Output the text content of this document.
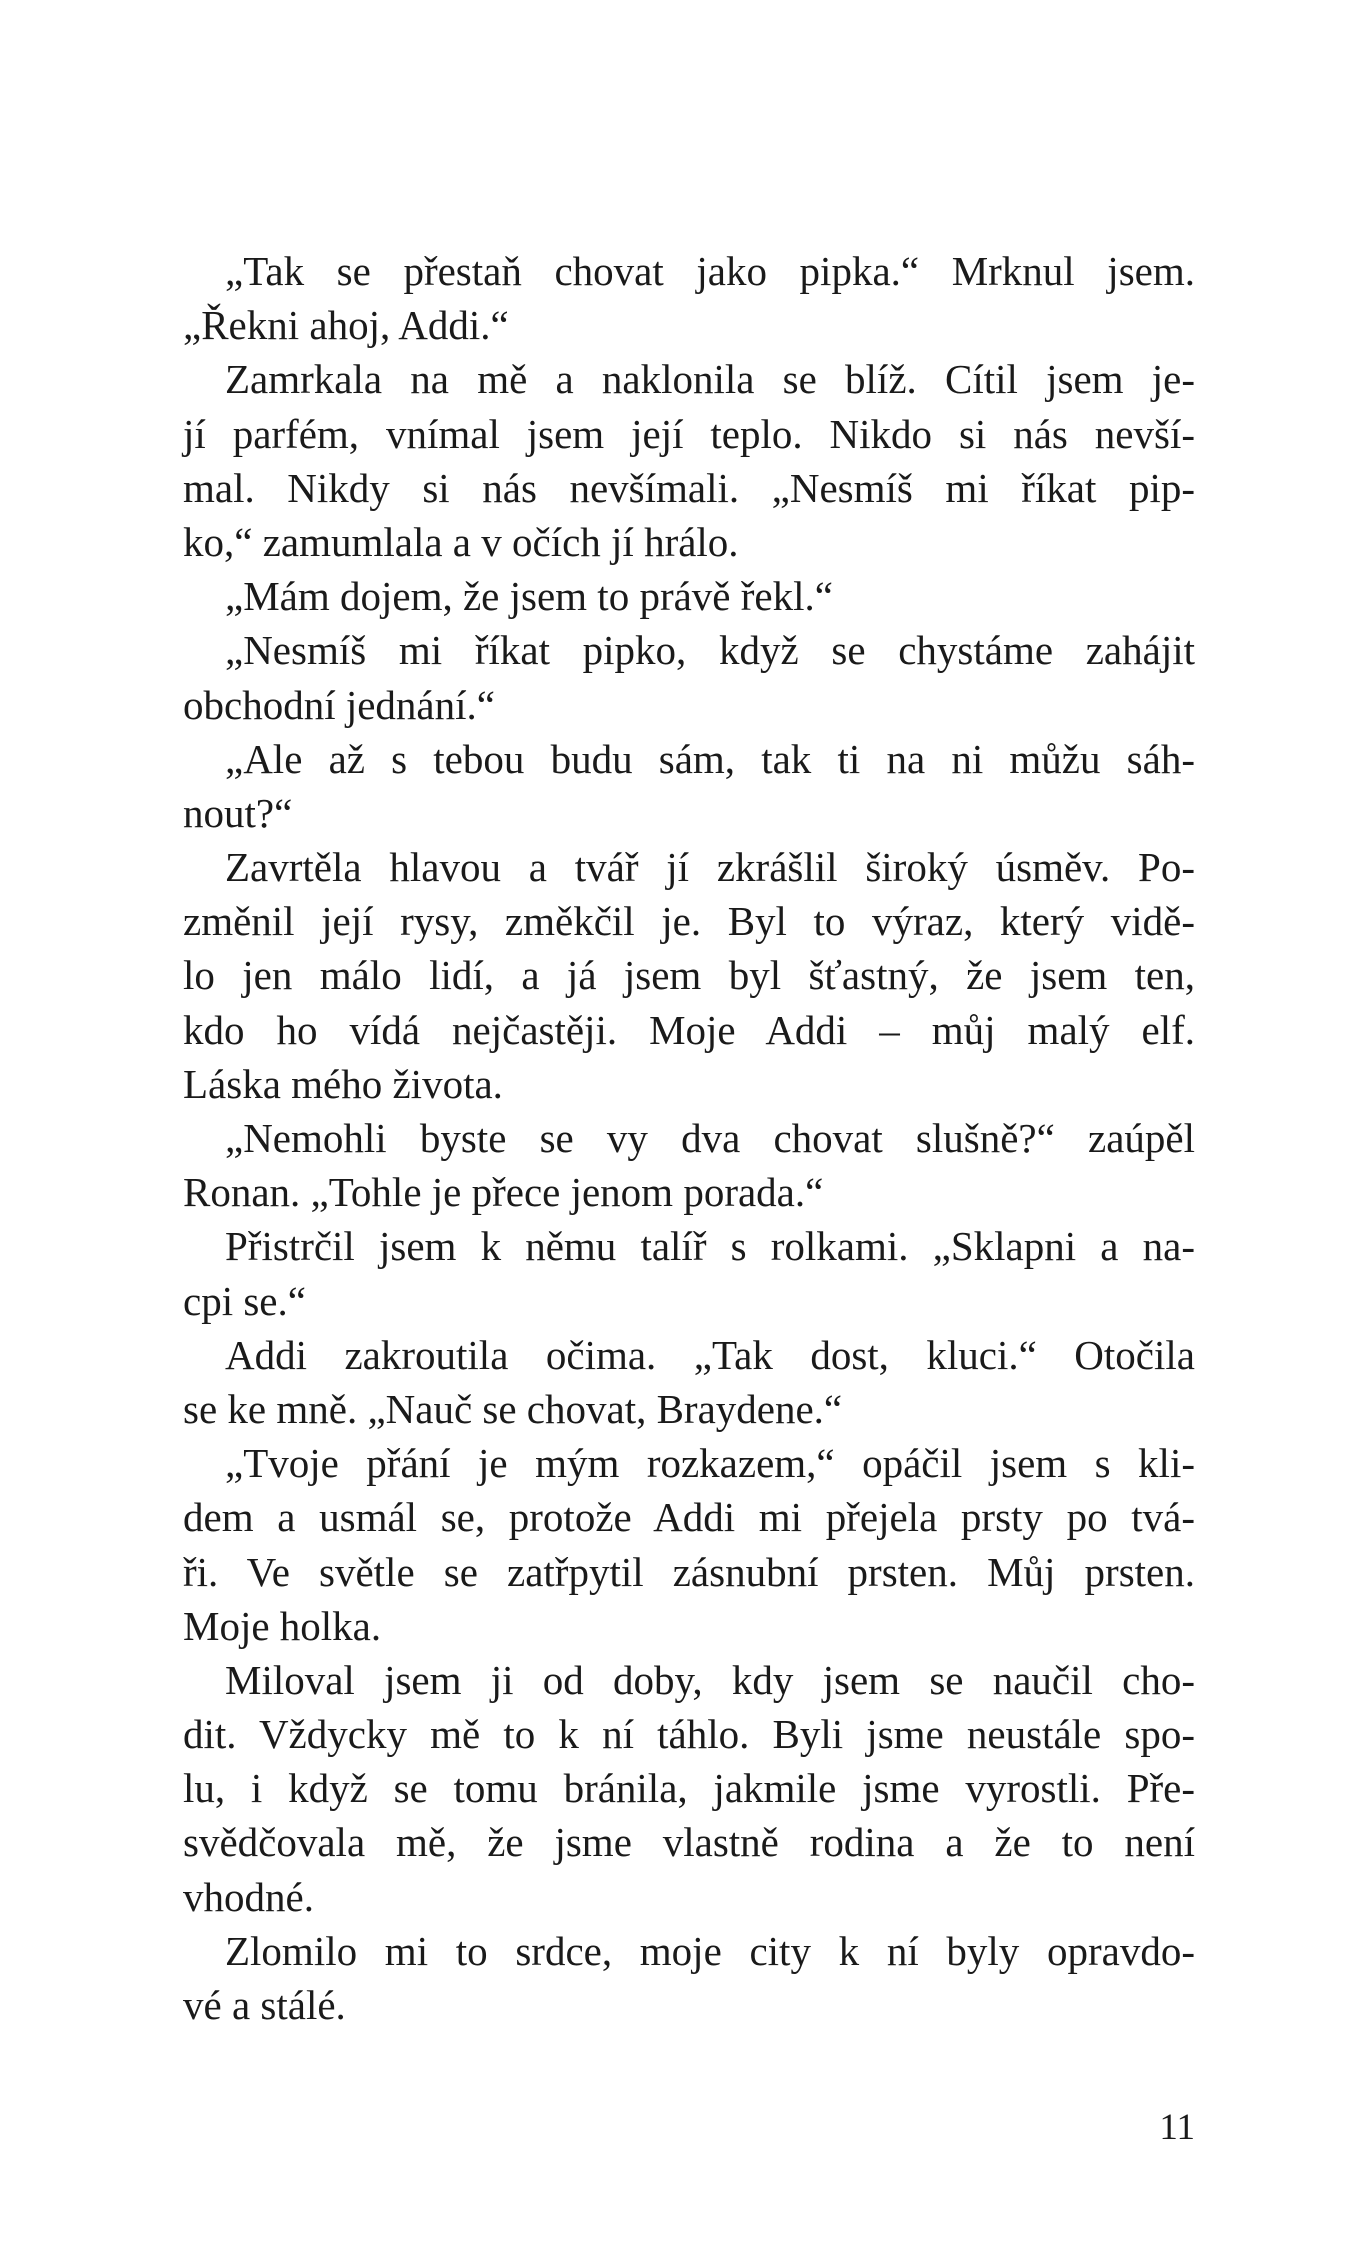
„Tak se přestaň chovat jako pipka.“ Mrknul jsem.
„Řekni ahoj, Addi.“
Zamrkala na mě a naklonila se blíž. Cítil jsem je-
jí parfém, vnímal jsem její teplo. Nikdo si nás nevší-
mal. Nikdy si nás nevšímali. „Nesmíš mi říkat pip-
ko,“ zamumlala a v očích jí hrálo.
„Mám dojem, že jsem to právě řekl.“
„Nesmíš mi říkat pipko, když se chystáme zahájit
obchodní jednání.“
„Ale až s tebou budu sám, tak ti na ni můžu sáh-
nout?“
Zavrtěla hlavou a tvář jí zkrášlil široký úsměv. Po-
změnil její rysy, změkčil je. Byl to výraz, který vidě-
lo jen málo lidí, a já jsem byl šťastný, že jsem ten,
kdo ho vídá nejčastěji. Moje Addi – můj malý elf.
Láska mého života.
„Nemohli byste se vy dva chovat slušně?“ zaúpěl
Ronan. „Tohle je přece jenom porada.“
Přistrčil jsem k němu talíř s rolkami. „Sklapni a na-
cpi se.“
Addi zakroutila očima. „Tak dost, kluci.“ Otočila
se ke mně. „Nauč se chovat, Braydene.“
„Tvoje přání je mým rozkazem,“ opáčil jsem s kli-
dem a usmál se, protože Addi mi přejela prsty po tvá-
ři. Ve světle se zatřpytil zásnubní prsten. Můj prsten.
Moje holka.
Miloval jsem ji od doby, kdy jsem se naučil cho-
dit. Vždycky mě to k ní táhlo. Byli jsme neustále spo-
lu, i když se tomu bránila, jakmile jsme vyrostli. Pře-
svědčovala mě, že jsme vlastně rodina a že to není
vhodné.
Zlomilo mi to srdce, moje city k ní byly opravdo-
vé a stálé.
11
